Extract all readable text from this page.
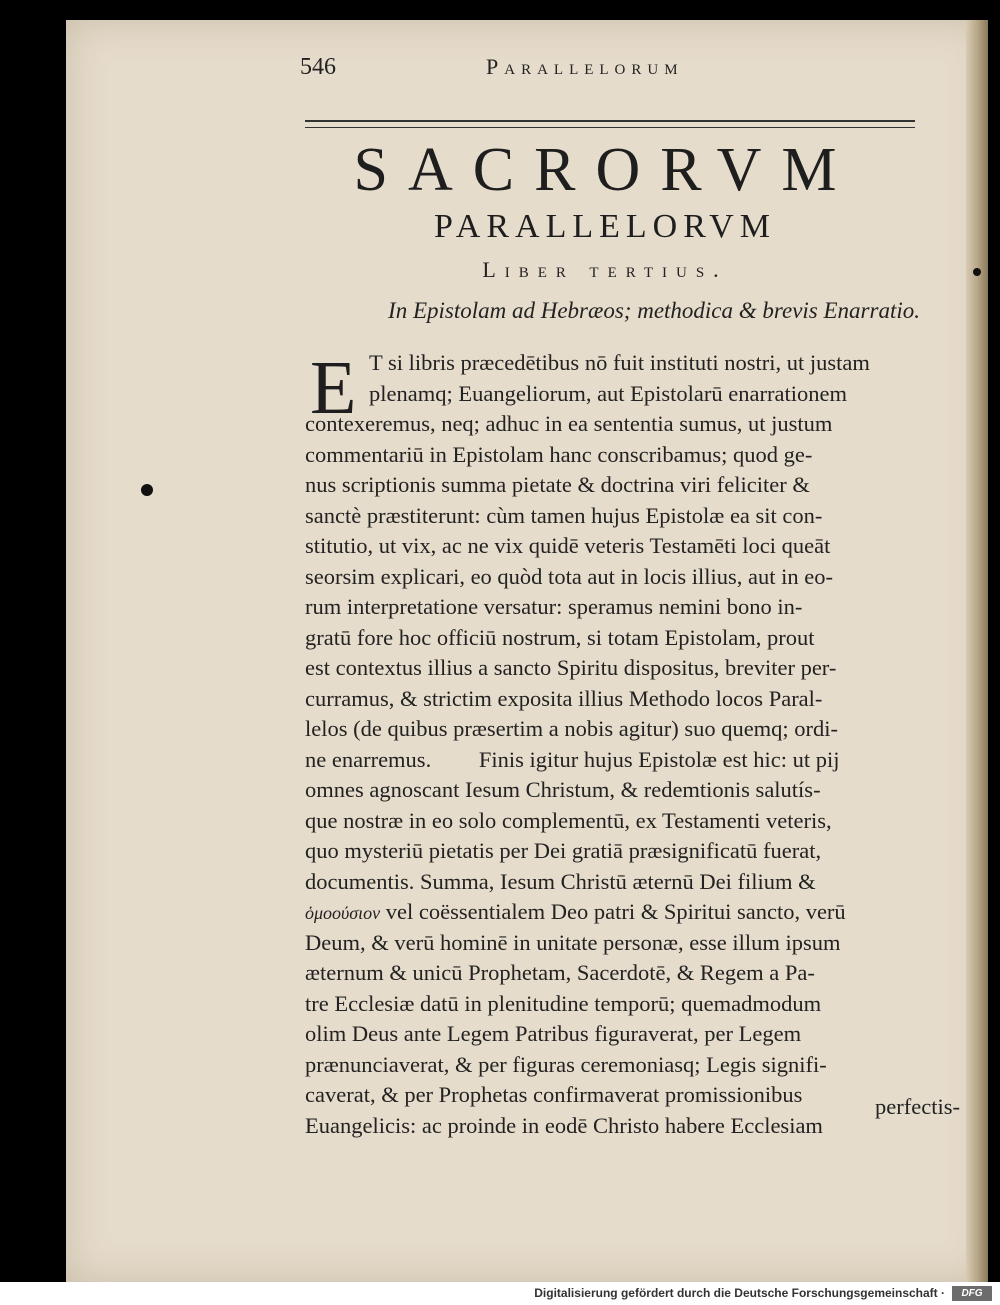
546	Parallelorum
SACRORVM
PARALLELORVM
Liber tertius.
In Epistolam ad Hebræos; methodica & brevis Enarratio.
E T si libris præcedētibus nō fuit instituti nostri, ut justam
plenamq; Euangeliorum, aut Epistolarū enarrationem
contexeremus, neq; adhuc in ea sententia sumus, ut justum
commentariū in Epistolam hanc conscribamus; quod ge-
nus scriptionis summa pietate & doctrina viri feliciter &
sanctè præstiterunt: cùm tamen hujus Epistolæ ea sit con-
stitutio, ut vix, ac ne vix quidē veteris Testamēti loci queāt
seorsim explicari, eo quòd tota aut in locis illius, aut in eo-
rum interpretatione versatur: speramus nemini bono in-
gratū fore hoc officiū nostrum, si totam Epistolam, prout
est contextus illius a sancto Spiritu dispositus, breviter per-
curramus, & strictim exposita illius Methodo locos Paral-
lelos (de quibus præsertim a nobis agitur) suo quemq; ordi-
ne enarremus. Finis igitur hujus Epistolæ est hic: ut pij
omnes agnoscant Iesum Christum, & redemtionis salutís-
que nostræ in eo solo complementū, ex Testamenti veteris,
quo mysteriū pietatis per Dei gratiā præsignificatū fuerat,
documentis. Summa, Iesum Christū æternū Dei filium &
ὁμοούσιον vel coëssentialem Deo patri & Spiritui sancto, verū
Deum, & verū hominē in unitate personæ, esse illum ipsum
æternum & unicū Prophetam, Sacerdotē, & Regem a Pa-
tre Ecclesiæ datū in plenitudine temporū; quemadmodum
olim Deus ante Legem Patribus figuraverat, per Legem
prænunciaverat, & per figuras ceremoniasq; Legis signifi-
caverat, & per Prophetas confirmaverat promissionibus
Euangelicis: ac proinde in eodē Christo habere Ecclesiam
perfectis-
Digitalisierung gefördert durch die Deutsche Forschungsgemeinschaft ·	DFG
